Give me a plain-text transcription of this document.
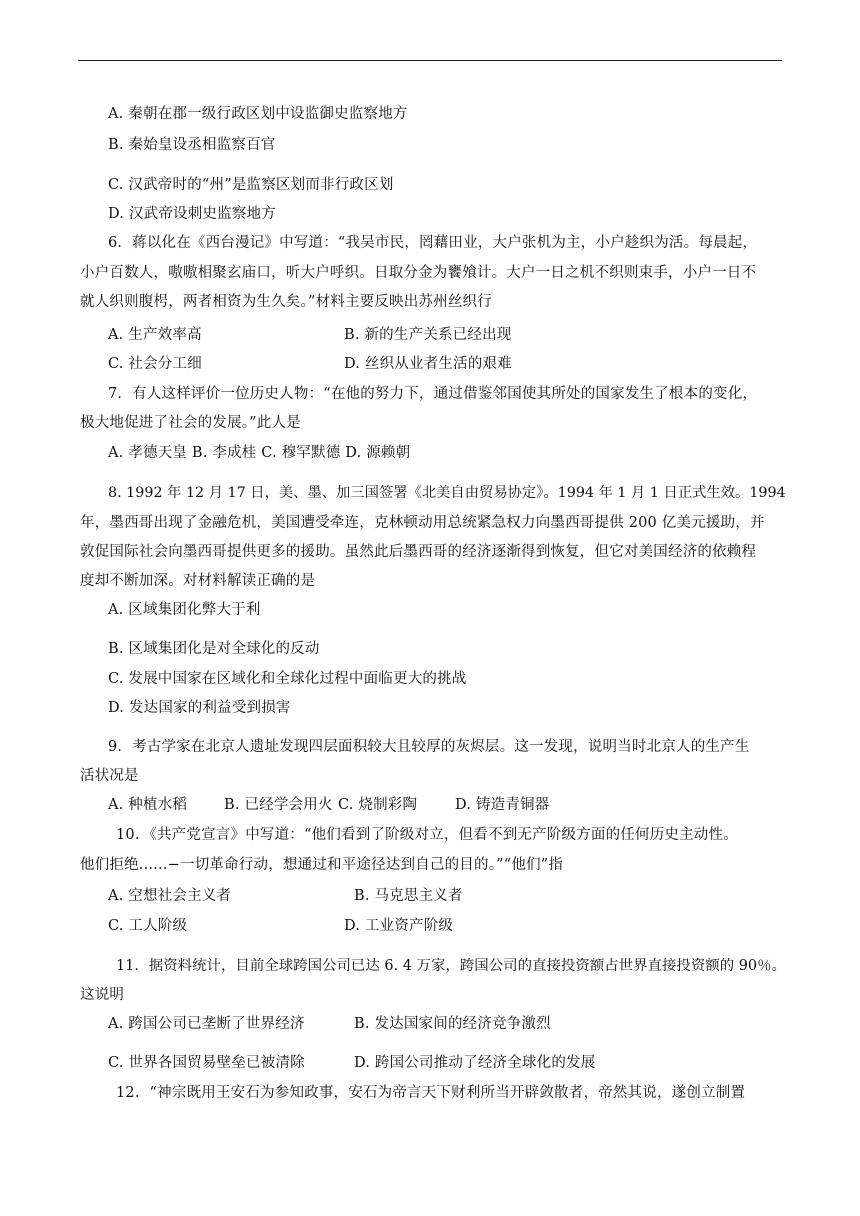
A. 秦朝在郡一级行政区划中设监御史监察地方
B. 秦始皇设丞相监察百官
C. 汉武帝时的“州”是监察区划而非行政区划
D. 汉武帝设刺史监察地方
6．蒋以化在《西台漫记》中写道：“我吴市民，罔藉田业，大户张机为主，小户趁织为活。每晨起，
小户百数人，嗷嗷相聚玄庙口，听大户呼织。日取分金为饔飧计。大户一日之机不织则束手，小户一日不
就人织则腹枵，两者相资为生久矣。”材料主要反映出苏州丝织行
A. 生产效率高	B. 新的生产关系已经出现
C. 社会分工细	D. 丝织从业者生活的艰难
7．有人这样评价一位历史人物：“在他的努力下，通过借鉴邻国使其所处的国家发生了根本的变化，
极大地促进了社会的发展。”此人是
A. 孝德天皇 B. 李成桂 C. 穆罕默德 D. 源赖朝
8. 1992 年 12 月 17 日，美、墨、加三国签署《北美自由贸易协定》。1994 年 1 月 1 日正式生效。1994
年，墨西哥出现了金融危机，美国遭受牵连，克林顿动用总统紧急权力向墨西哥提供 200 亿美元援助，并
敦促国际社会向墨西哥提供更多的援助。虽然此后墨西哥的经济逐渐得到恢复，但它对美国经济的依赖程
度却不断加深。对材料解读正确的是
A. 区域集团化弊大于利
B. 区域集团化是对全球化的反动
C. 发展中国家在区域化和全球化过程中面临更大的挑战
D. 发达国家的利益受到损害
9．考古学家在北京人遗址发现四层面积较大且较厚的灰烬层。这一发现，说明当时北京人的生产生
活状况是
A. 种植水稻	B. 已经学会用火 C. 烧制彩陶	D. 铸造青铜器
10．《共产党宣言》中写道：“他们看到了阶级对立，但看不到无产阶级方面的任何历史主动性。
他们拒绝......−一切革命行动，想通过和平途径达到自己的目的。”“他们”指
A. 空想社会主义者	B. 马克思主义者
C. 工人阶级	D. 工业资产阶级
11．据资料统计，目前全球跨国公司已达 6. 4 万家，跨国公司的直接投资额占世界直接投资额的 90％。
这说明
A. 跨国公司已垄断了世界经济	B. 发达国家间的经济竞争激烈
C. 世界各国贸易壁垒已被清除	D. 跨国公司推动了经济全球化的发展
12．“神宗既用王安石为参知政事，安石为帝言天下财利所当开辟敛散者，帝然其说，遂创立制置
